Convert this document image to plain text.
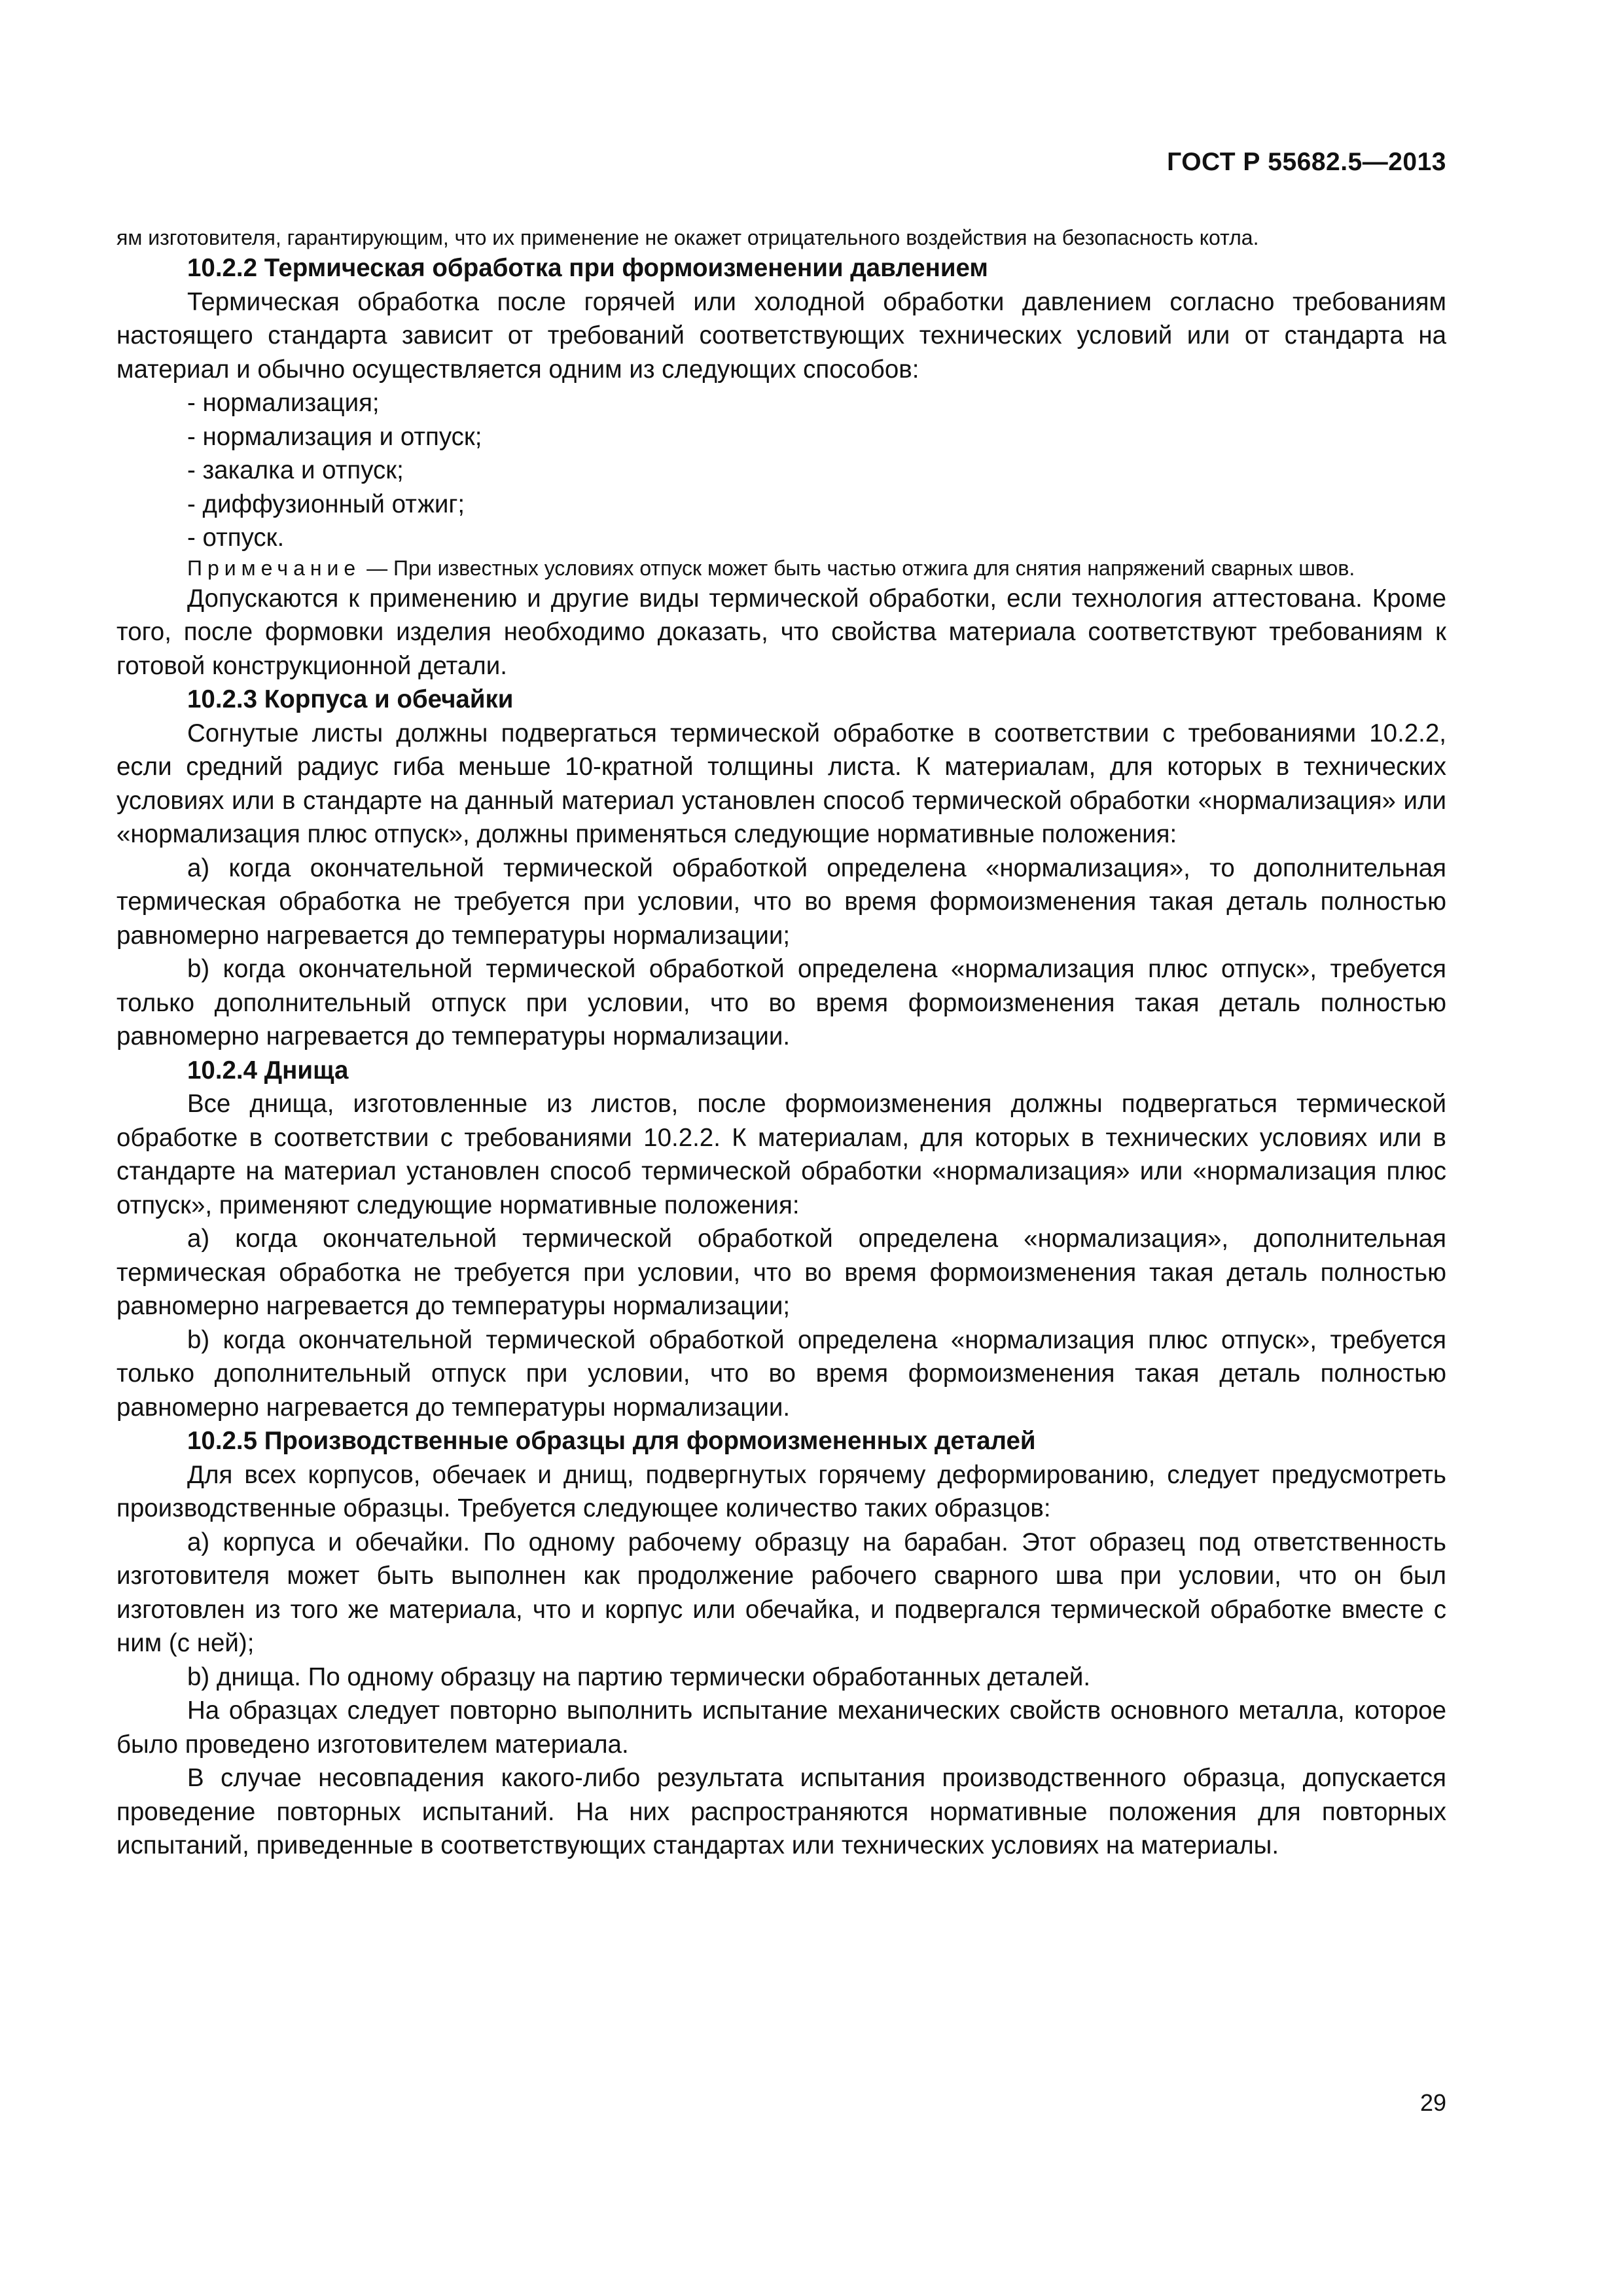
ГОСТ Р 55682.5—2013

ям изготовителя, гарантирующим, что их применение не окажет отрицательного воздействия на безопасность котла.

10.2.2 Термическая обработка при формоизменении давлением

Термическая обработка после горячей или холодной обработки давлением согласно требованиям настоящего стандарта зависит от требований соответствующих технических условий или от стандарта на материал и обычно осуществляется одним из следующих способов:

- нормализация;
- нормализация и отпуск;
- закалка и отпуск;
- диффузионный отжиг;
- отпуск.

Примечание — При известных условиях отпуск может быть частью отжига для снятия напряжений сварных швов.

Допускаются к применению и другие виды термической обработки, если технология аттестована. Кроме того, после формовки изделия необходимо доказать, что свойства материала соответствуют требованиям к готовой конструкционной детали.

10.2.3 Корпуса и обечайки

Согнутые листы должны подвергаться термической обработке в соответствии с требованиями 10.2.2, если средний радиус гиба меньше 10-кратной толщины листа. К материалам, для которых в технических условиях или в стандарте на данный материал установлен способ термической обработки «нормализация» или «нормализация плюс отпуск», должны применяться следующие нормативные положения:

а) когда окончательной термической обработкой определена «нормализация», то дополнительная термическая обработка не требуется при условии, что во время формоизменения такая деталь полностью равномерно нагревается до температуры нормализации;

b) когда окончательной термической обработкой определена «нормализация плюс отпуск», требуется только дополнительный отпуск при условии, что во время формоизменения такая деталь полностью равномерно нагревается до температуры нормализации.

10.2.4 Днища

Все днища, изготовленные из листов, после формоизменения должны подвергаться термической обработке в соответствии с требованиями 10.2.2. К материалам, для которых в технических условиях или в стандарте на материал установлен способ термической обработки «нормализация» или «нормализация плюс отпуск», применяют следующие нормативные положения:

а) когда окончательной термической обработкой определена «нормализация», дополнительная термическая обработка не требуется при условии, что во время формоизменения такая деталь полностью равномерно нагревается до температуры нормализации;

b) когда окончательной термической обработкой определена «нормализация плюс отпуск», требуется только дополнительный отпуск при условии, что во время формоизменения такая деталь полностью равномерно нагревается до температуры нормализации.

10.2.5 Производственные образцы для формоизмененных деталей

Для всех корпусов, обечаек и днищ, подвергнутых горячему деформированию, следует предусмотреть производственные образцы. Требуется следующее количество таких образцов:

а) корпуса и обечайки. По одному рабочему образцу на барабан. Этот образец под ответственность изготовителя может быть выполнен как продолжение рабочего сварного шва при условии, что он был изготовлен из того же материала, что и корпус или обечайка, и подвергался термической обработке вместе с ним (с ней);

b) днища. По одному образцу на партию термически обработанных деталей.

На образцах следует повторно выполнить испытание механических свойств основного металла, которое было проведено изготовителем материала.

В случае несовпадения какого-либо результата испытания производственного образца, допускается проведение повторных испытаний. На них распространяются нормативные положения для повторных испытаний, приведенные в соответствующих стандартах или технических условиях на материалы.

29
